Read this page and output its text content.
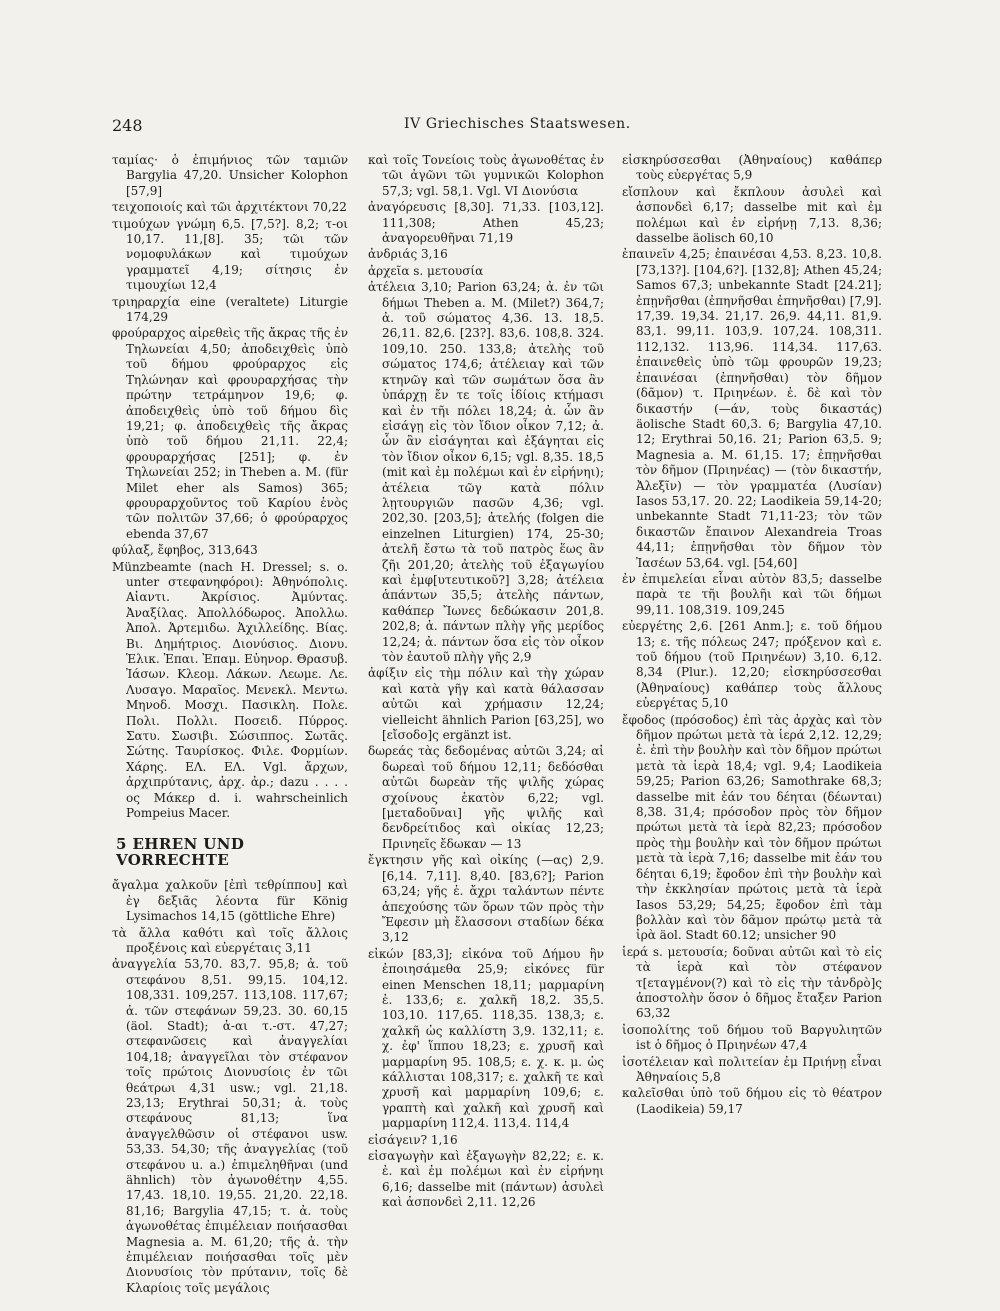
248	IV Griechisches Staatswesen.

ταμίας· ὁ ἐπιμήνιος τῶν ταμιῶν Bargylia 47,20. Unsicher Kolophon [57,9]

τειχοποιοίς καὶ τῶι ἀρχιτέκτονι 70,22

τιμούχων γνώμη 6,5. [7,5?]. 8,2; τ-οι 10,17. 11,[8]. 35; τῶι τῶν νομοφυλάκων καὶ τιμούχων γραμματεῖ 4,19; σίτησις ἐν τιμουχίωι 12,4

τριηραρχία eine (veraltete) Liturgie 174,29

φρούραρχος αἱρεθεὶς τῆς ἄκρας τῆς ἐν Τηλωνείαι 4,50; ἀποδειχθεὶς ὑπὸ τοῦ δήμου φρούραρχος εἰς Τηλώνηαν καὶ φρουραρχήσας τὴν πρώτην τετράμηνον 19,6; φ. ἀποδειχθεὶς ὑπὸ τοῦ δήμου δὶς 19,21; φ. ἀποδειχθεὶς τῆς ἄκρας ὑπὸ τοῦ δήμου 21,11. 22,4; φρουραρχήσας [251]; φ. ἐν Τηλωνείαι 252; in Theben a. M. (für Milet eher als Samos) 365; φρουραρχοῦντος τοῦ Καρίου ἑνὸς τῶν πολιτῶν 37,66; ὁ φρούραρχος ebenda 37,67

φύλαξ, ἔφηβος, 313,643

Münzbeamte (nach H. Dressel; s. o. unter στεφανηφόροι): Ἀθηνόπολις. Αἰαντι. Ἀκρίσιος. Ἀμύντας. Ἀναξίλας. Ἀπολλόδωρος. Ἀπολλω. Ἀπολ. Ἀρτεμιδω. Ἀχιλλείδης. Βίας. Βι. Δημήτριος. Διονύσιος. Διονυ. Ἑλικ. Ἐπαι. Ἐπαμ. Εὐηνορ. Θρασυβ. Ἰάσων. Κλεομ. Λάκων. Λεωμε. Λε. Λυσαγο. Μαραῖος. Μενεκλ. Μεντω. Μηνοδ. Μοσχι. Πασικλη. Πολε. Πολι. Πολλι. Ποσειδ. Πύρρος. Σατυ. Σωσιβι. Σώσιππος. Σωτᾶς. Σώτης. Ταυρίσκος. Φιλε. Φορμίων. Χάρης. ΕΛ. ΕΛ. Vgl. ἄρχων, ἀρχιπρύτανις, ἀρχ. ἀρ.; dazu . . . . ος Μάκερ d. i. wahrscheinlich Pompeius Macer.

5 EHREN UND VORRECHTE

ἄγαλμα χαλκοῦν [ἐπὶ τεθρίππου] καὶ ἐγ δεξιᾶς λέοντα für König Lysimachos 14,15 (göttliche Ehre)

τὰ ἄλλα καθότι καὶ τοῖς ἄλλοις προξένοις καὶ εὐεργέταις 3,11

ἀναγγελία 53,70. 83,7. 95,8; ἀ. τοῦ στεφάνου 8,51. 99,15. 104,12. 108,331. 109,257. 113,108. 117,67; ἀ. τῶν στεφάνων 59,23. 30. 60,15 (äol. Stadt); ἀ-αι τ.-στ. 47,27; στεφανῶσεις καὶ ἀναγγελίαι 104,18; ἀναγγεῖλαι τὸν στέφανον τοῖς πρώτοις Διονυσίοις ἐν τῶι θεάτρωι 4,31 usw.; vgl. 21,18. 23,13; Erythrai 50,31; ἀ. τοὺς στεφάνους 81,13; ἵνα ἀναγγελθῶσιν οἱ στέφανοι usw. 53,33. 54,30; τῆς ἀναγγελίας (τοῦ στεφάνου u. a.) ἐπιμεληθῆναι (und ähnlich) τὸν ἀγωνοθέτην 4,55. 17,43. 18,10. 19,55. 21,20. 22,18. 81,16; Bargylia 47,15; τ. ἀ. τοὺς ἀγωνοθέτας ἐπιμέλειαν ποιήσασθαι Magnesia a. M. 61,20; τῆς ἀ. τὴν ἐπιμέλειαν ποιήσασθαι τοῖς μὲν Διονυσίοις τὸν πρύτανιν, τοῖς δὲ Κλαρίοις τοῖς μεγάλοις

καὶ τοῖς Τονείοις τοὺς ἀγωνοθέτας ἐν τῶι ἀγῶνι τῶι γυμνικῶι Kolophon 57,3; vgl. 58,1. Vgl. VI Διονύσια

ἀναγόρευσις [8,30]. 71,33. [103,12]. 111,308; Athen 45,23; ἀναγορευθῆναι 71,19

ἀνδριάς 3,16

ἀρχεῖα s. μετουσία

ἀτέλεια 3,10; Parion 63,24; ἀ. ἐν τῶι δήμωι Theben a. M. (Milet?) 364,7; ἀ. τοῦ σώματος 4,36. 13. 18,5. 26,11. 82,6. [23?]. 83,6. 108,8. 324. 109,10. 250. 133,8; ἀτελὴς τοῦ σώματος 174,6; ἀτέλειαγ καὶ τῶν κτηνῶγ καὶ τῶν σωμάτων ὅσα ἂν ὑπάρχῃ ἔν τε τοῖς ἰδίοις κτήμασι καὶ ἐν τῆι πόλει 18,24; ἀ. ὧν ἂν εἰσάγῃ εἰς τὸν ἴδιον οἶκον 7,12; ἀ. ὧν ἂν εἰσάγηται καὶ ἐξάγηται εἰς τὸν ἴδιον οἶκον 6,15; vgl. 8,35. 18,5 (mit καὶ ἐμ πολέμωι καὶ ἐν εἰρήνηι); ἀτέλεια τῶγ κατὰ πόλιν λῃτουργιῶν πασῶν 4,36; vgl. 202,30. [203,5]; ἀτελής (folgen die einzelnen Liturgien) 174, 25-30; ἀτελῆ ἔστω τὰ τοῦ πατρὸς ἕως ἂν ζῆι 201,20; ἀτελὴς τοῦ ἐξαγωγίου καὶ ἐμφ[υτευτικοῦ?] 3,28; ἀτέλεια ἁπάντων 35,5; ἀτελὴς πάντων, καθάπερ Ἴωνες δεδώκασιν 201,8. 202,8; ἀ. πάντων πλὴγ γῆς μερίδος 12,24; ἀ. πάντων ὅσα εἰς τὸν οἶκον τὸν ἑαυτοῦ πλὴγ γῆς 2,9

ἀφίξιν εἰς τὴμ πόλιν καὶ τὴγ χώραν καὶ κατὰ γῆγ καὶ κατὰ θάλασσαν αὐτῶι καὶ χρήμασιν 12,24; vielleicht ähnlich Parion [63,25], wo [εἴσοδο]ς ergänzt ist.

δωρεάς τὰς δεδομένας αὐτῶι 3,24; αἱ δωρεαὶ τοῦ δήμου 12,11; δεδόσθαι αὐτῶι δωρεὰν τῆς ψιλῆς χώρας σχοίνους ἑκατὸν 6,22; vgl. [μεταδοῦναι] γῆς ψιλῆς καὶ δενδρείτιδος καὶ οἰκίας 12,23; Πρινηεῖς ἔδωκαν — 13

ἔγκτησιν γῆς καὶ οἰκίης (—ας) 2,9. [6,14. 7,11]. 8,40. [83,6?]; Parion 63,24; γῆς ἐ. ἄχρι ταλάντων πέντε ἀπεχούσης τῶν ὅρων τῶν πρὸς τὴν Ἔφεσιν μὴ ἔλασσονι σταδίων δέκα 3,12

εἰκών [83,3]; εἰκόνα τοῦ Δήμου ἣν ἐποιησάμεθα 25,9; εἰκόνες für einen Menschen 18,11; μαρμαρίνη ἐ. 133,6; ε. χαλκῆ 18,2. 35,5. 103,10. 117,65. 118,35. 138,3; ε. χαλκῆ ὡς καλλίστη 3,9. 132,11; ε. χ. ἐφ' ἵππου 18,23; ε. χρυσῆ καὶ μαρμαρίνη 95. 108,5; ε. χ. κ. μ. ὡς κάλλισται 108,317; ε. χαλκῆ τε καὶ χρυσῆ καὶ μαρμαρίνη 109,6; ε. γραπτὴ καὶ χαλκῆ καὶ χρυσῆ καὶ μαρμαρίνη 112,4. 113,4. 114,4

εἰσάγειν? 1,16

εἰσαγωγὴν καὶ ἐξαγωγὴν 82,22; ε. κ. ἐ. καὶ ἐμ πολέμωι καὶ ἐν εἰρήνηι 6,16; dasselbe mit (πάντων) ἀσυλεὶ καὶ ἀσπονδεὶ 2,11. 12,26

εἰσκηρύσσεσθαι (Ἀθηναίους) καθάπερ τοὺς εὐεργέτας 5,9

εἴσπλουν καὶ ἔκπλουν ἀσυλεὶ καὶ ἀσπονδεὶ 6,17; dasselbe mit καὶ ἐμ πολέμωι καὶ ἐν εἰρήνῃ 7,13. 8,36; dasselbe äolisch 60,10

ἐπαινεῖν 4,25; ἐπαινέσαι 4,53. 8,23. 10,8. [73,13?]. [104,6?]. [132,8]; Athen 45,24; Samos 67,3; unbekannte Stadt [24.21]; ἐπῃνῆσθαι (ἐπηνῆσθαι ἐπηνῆσθαι) [7,9]. 17,39. 19,34. 21,17. 26,9. 44,11. 81,9. 83,1. 99,11. 103,9. 107,24. 108,311. 112,132. 113,96. 114,34. 117,63. ἐπαινεθεὶς ὑπὸ τῶμ φρουρῶν 19,23; ἐπαινέσαι (ἐπηνῆσθαι) τὸν δῆμον (δᾶμον) τ. Πριηνέων. ἐ. δὲ καὶ τὸν δικαστήν (—άν, τοὺς δικαστάς) äolische Stadt 60,3. 6; Bargylia 47,10. 12; Erythrai 50,16. 21; Parion 63,5. 9; Magnesia a. M. 61,15. 17; ἐπῃνῆσθαι τὸν δῆμον (Πριηνέας) — (τὸν δικαστήν, Ἀλεξῖν) — τὸν γραμματέα (Λυσίαν) Iasos 53,17. 20. 22; Laodikeia 59,14-20; unbekannte Stadt 71,11-23; τὸν τῶν δικαστῶν ἔπαινον Alexandreia Troas 44,11; ἐπῃνῆσθαι τὸν δῆμον τὸν Ἰασέων 53,64. vgl. [54,60]

ἐν ἐπιμελείαι εἶναι αὐτὸν 83,5; dasselbe παρὰ τε τῆι βουλῆι καὶ τῶι δήμωι 99,11. 108,319. 109,245

εὐεργέτης 2,6. [261 Anm.]; ε. τοῦ δήμου 13; ε. τῆς πόλεως 247; πρόξενον καὶ ε. τοῦ δήμου (τοῦ Πριηνέων) 3,10. 6,12. 8,34 (Plur.). 12,20; εἰσκηρύσσεσθαι (Ἀθηναίους) καθάπερ τοὺς ἄλλους εὐεργέτας 5,10

ἔφοδος (πρόσοδος) ἐπὶ τὰς ἀρχὰς καὶ τὸν δῆμον πρώτωι μετὰ τὰ ἱερά 2,12. 12,29; ἐ. ἐπὶ τὴν βουλὴν καὶ τὸν δῆμον πρώτωι μετὰ τὰ ἱερὰ 18,4; vgl. 9,4; Laodikeia 59,25; Parion 63,26; Samothrake 68,3; dasselbe mit ἐάν του δέηται (δέωνται) 8,38. 31,4; πρόσοδον πρὸς τὸν δῆμον πρώτωι μετὰ τὰ ἱερὰ 82,23; πρόσοδον πρὸς τὴμ βουλὴν καὶ τὸν δῆμον πρώτωι μετὰ τὰ ἱερὰ 7,16; dasselbe mit ἐάν του δέηται 6,19; ἔφοδον ἐπὶ τὴν βουλὴν καὶ τὴν ἐκκλησίαν πρώτοις μετὰ τὰ ἱερὰ Iasos 53,29; 54,25; ἔφοδον ἐπὶ τὰμ βολλὰν καὶ τὸν δᾶμον πρώτῳ μετὰ τὰ ἰρὰ äol. Stadt 60.12; unsicher 90

ἱερά s. μετουσία; δοῦναι αὐτῶι καὶ τὸ εἰς τὰ ἱερὰ καὶ τὸν στέφανον τ[εταγμένον(?) καὶ τὸ εἰς τὴν τἀνδρὸ]ς ἀποστολὴν ὅσον ὁ δῆμος ἔταξεν Parion 63,32

ἰσοπολίτης τοῦ δήμου τοῦ Βαργυλιητῶν ist ὁ δῆμος ὁ Πριηνέων 47,4

ἰσοτέλειαν καὶ πολιτείαν ἐμ Πριήνῃ εἶναι Ἀθηναίοις 5,8

καλεῖσθαι ὑπὸ τοῦ δήμου εἰς τὸ θέατρον (Laodikeia) 59,17
